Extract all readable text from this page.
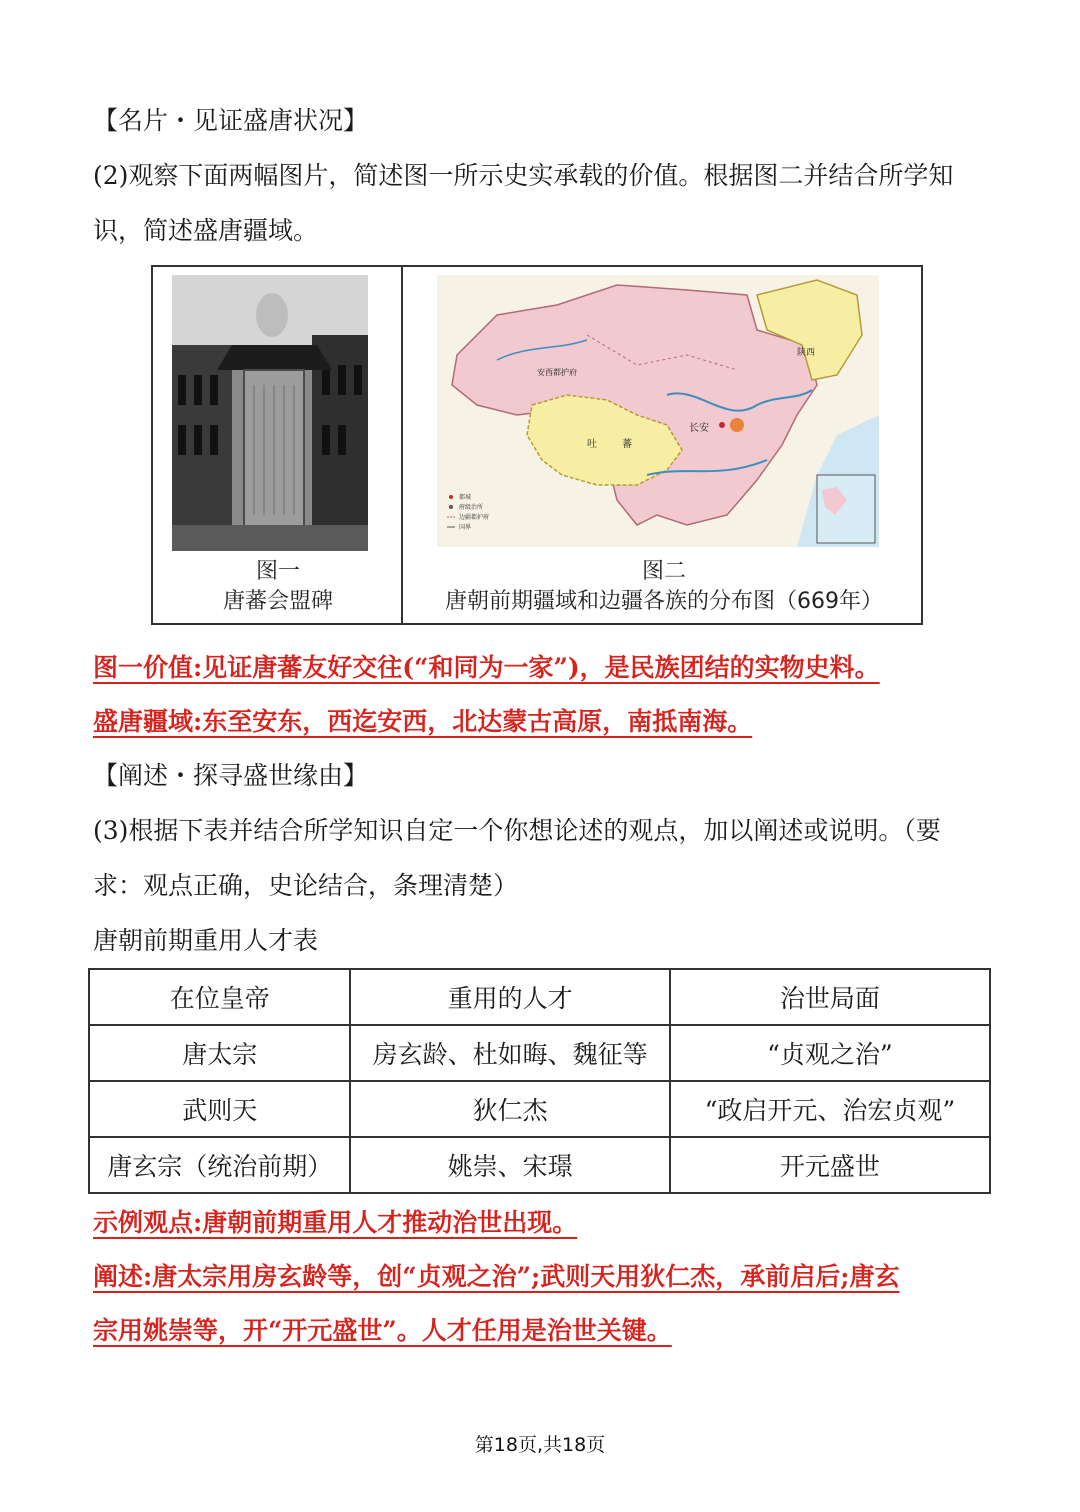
【名片・见证盛唐状况】
(2)观察下面两幅图片，简述图一所示史实承载的价值。根据图二并结合所学知
识，简述盛唐疆域。
图一
唐蕃会盟碑
长安
安西都护府
吐	蕃
陕西
都城
府级治所
边疆都护府
国界
图二
唐朝前期疆域和边疆各族的分布图（669年）
图一价值:见证唐蕃友好交往(“和同为一家”)，是民族团结的实物史料。
盛唐疆域:东至安东，西迄安西，北达蒙古高原，南抵南海。
【阐述・探寻盛世缘由】
(3)根据下表并结合所学知识自定一个你想论述的观点，加以阐述或说明。（要
求：观点正确，史论结合，条理清楚）
唐朝前期重用人才表
在位皇帝	重用的人才	治世局面
唐太宗	房玄龄、杜如晦、魏征等	“贞观之治”
武则天	狄仁杰	“政启开元、治宏贞观”
唐玄宗（统治前期）	姚崇、宋璟	开元盛世
示例观点:唐朝前期重用人才推动治世出现。
阐述:唐太宗用房玄龄等，创“贞观之治”;武则天用狄仁杰，承前启后;唐玄
宗用姚崇等，开“开元盛世”。人才任用是治世关键。
第18页,共18页
